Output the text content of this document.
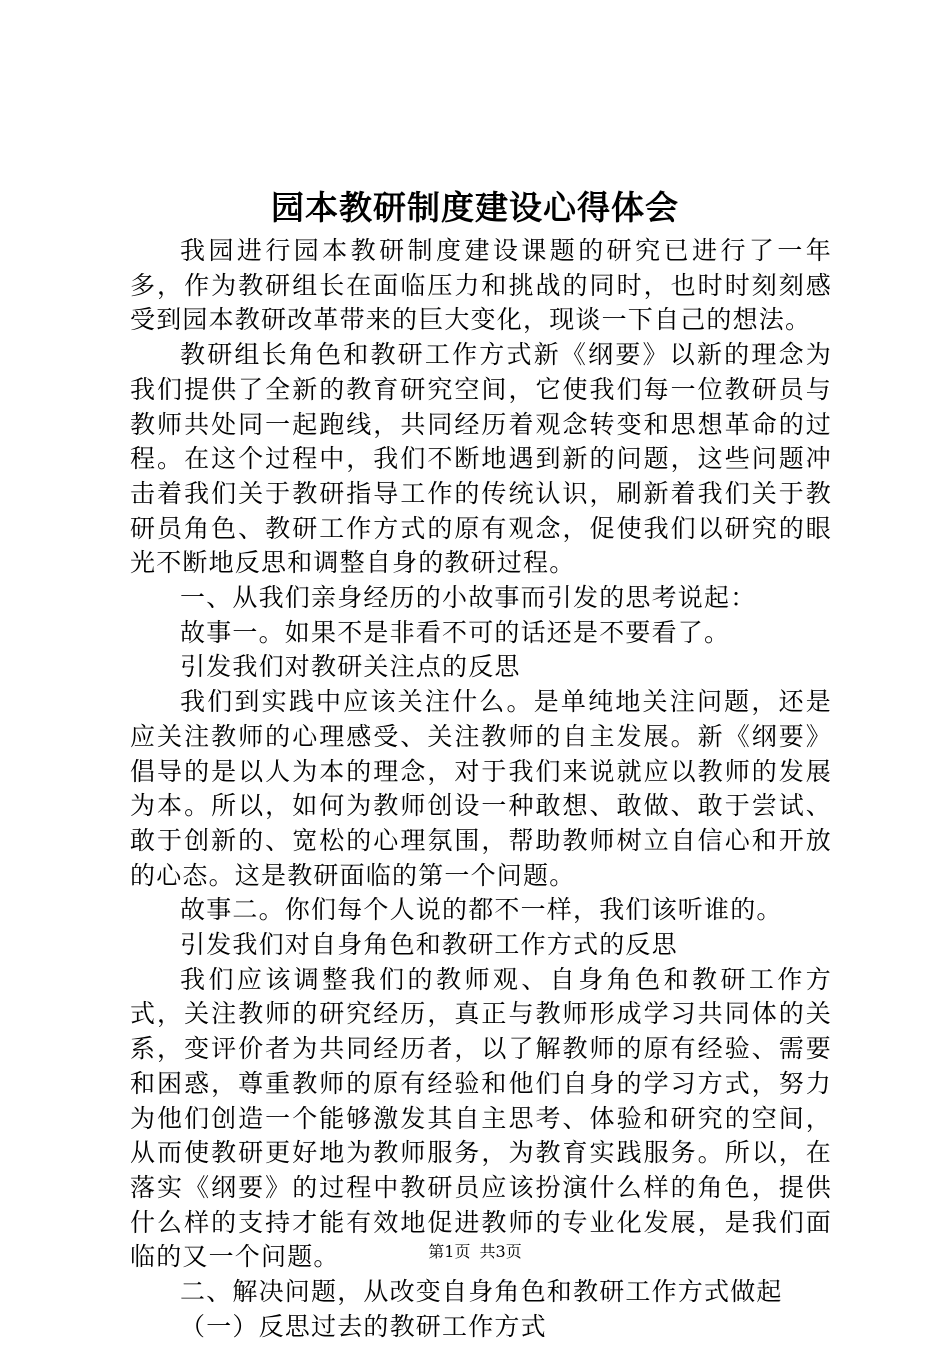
园本教研制度建设心得体会

我园进行园本教研制度建设课题的研究已进行了一年多，作为教研组长在面临压力和挑战的同时，也时时刻刻感受到园本教研改革带来的巨大变化，现谈一下自己的想法。

教研组长角色和教研工作方式新《纲要》以新的理念为我们提供了全新的教育研究空间，它使我们每一位教研员与教师共处同一起跑线，共同经历着观念转变和思想革命的过程。在这个过程中，我们不断地遇到新的问题，这些问题冲击着我们关于教研指导工作的传统认识，刷新着我们关于教研员角色、教研工作方式的原有观念，促使我们以研究的眼光不断地反思和调整自身的教研过程。

一、从我们亲身经历的小故事而引发的思考说起：

故事一。如果不是非看不可的话还是不要看了。

引发我们对教研关注点的反思

我们到实践中应该关注什么。是单纯地关注问题，还是应关注教师的心理感受、关注教师的自主发展。新《纲要》倡导的是以人为本的理念，对于我们来说就应以教师的发展为本。所以，如何为教师创设一种敢想、敢做、敢于尝试、敢于创新的、宽松的心理氛围，帮助教师树立自信心和开放的心态。这是教研面临的第一个问题。

故事二。你们每个人说的都不一样，我们该听谁的。

引发我们对自身角色和教研工作方式的反思

我们应该调整我们的教师观、自身角色和教研工作方式，关注教师的研究经历，真正与教师形成学习共同体的关系，变评价者为共同经历者，以了解教师的原有经验、需要和困惑，尊重教师的原有经验和他们自身的学习方式，努力为他们创造一个能够激发其自主思考、体验和研究的空间，从而使教研更好地为教师服务，为教育实践服务。所以，在落实《纲要》的过程中教研员应该扮演什么样的角色，提供什么样的支持才能有效地促进教师的专业化发展，是我们面临的又一个问题。

二、解决问题，从改变自身角色和教研工作方式做起

（一）反思过去的教研工作方式

第1页 共3页
